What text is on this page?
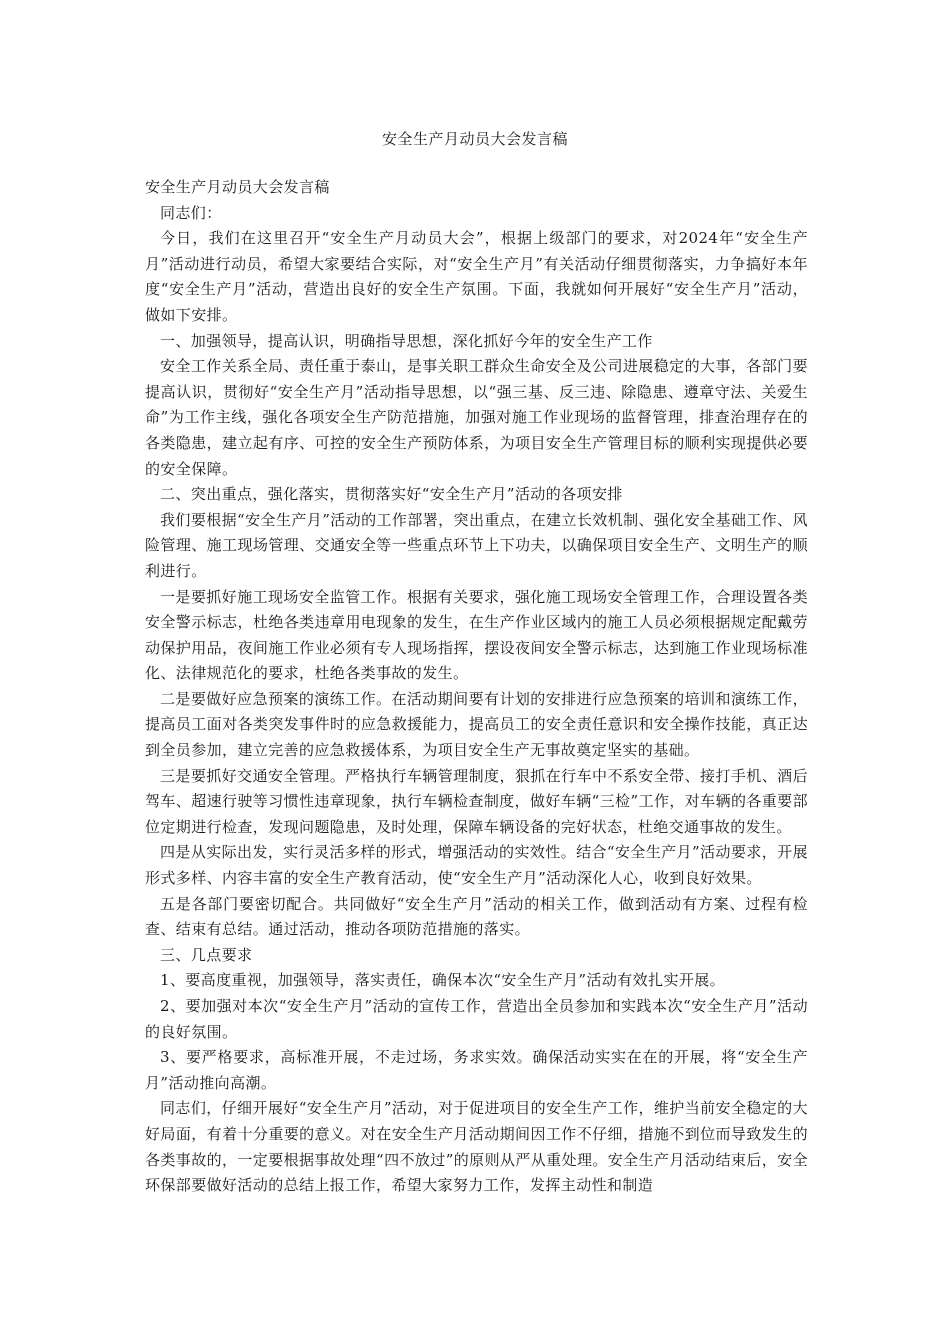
安全生产月动员大会发言稿

安全生产月动员大会发言稿

同志们：

今日，我们在这里召开“安全生产月动员大会”，根据上级部门的要求，对2024年“安全生产月”活动进行动员，希望大家要结合实际，对“安全生产月”有关活动仔细贯彻落实，力争搞好本年度“安全生产月”活动，营造出良好的安全生产氛围。下面，我就如何开展好“安全生产月”活动，做如下安排。

一、加强领导，提高认识，明确指导思想，深化抓好今年的安全生产工作

安全工作关系全局、责任重于泰山，是事关职工群众生命安全及公司进展稳定的大事，各部门要提高认识，贯彻好“安全生产月”活动指导思想，以“强三基、反三违、除隐患、遵章守法、关爱生命”为工作主线，强化各项安全生产防范措施，加强对施工作业现场的监督管理，排查治理存在的各类隐患，建立起有序、可控的安全生产预防体系，为项目安全生产管理目标的顺利实现提供必要的安全保障。

二、突出重点，强化落实，贯彻落实好“安全生产月”活动的各项安排

我们要根据“安全生产月”活动的工作部署，突出重点，在建立长效机制、强化安全基础工作、风险管理、施工现场管理、交通安全等一些重点环节上下功夫，以确保项目安全生产、文明生产的顺利进行。

一是要抓好施工现场安全监管工作。根据有关要求，强化施工现场安全管理工作，合理设置各类安全警示标志，杜绝各类违章用电现象的发生，在生产作业区域内的施工人员必须根据规定配戴劳动保护用品，夜间施工作业必须有专人现场指挥，摆设夜间安全警示标志，达到施工作业现场标准化、法律规范化的要求，杜绝各类事故的发生。

二是要做好应急预案的演练工作。在活动期间要有计划的安排进行应急预案的培训和演练工作，提高员工面对各类突发事件时的应急救援能力，提高员工的安全责任意识和安全操作技能，真正达到全员参加，建立完善的应急救援体系，为项目安全生产无事故奠定坚实的基础。

三是要抓好交通安全管理。严格执行车辆管理制度，狠抓在行车中不系安全带、接打手机、酒后驾车、超速行驶等习惯性违章现象，执行车辆检查制度，做好车辆“三检”工作，对车辆的各重要部位定期进行检查，发现问题隐患，及时处理，保障车辆设备的完好状态，杜绝交通事故的发生。

四是从实际出发，实行灵活多样的形式，增强活动的实效性。结合“安全生产月”活动要求，开展形式多样、内容丰富的安全生产教育活动，使“安全生产月”活动深化人心，收到良好效果。

五是各部门要密切配合。共同做好“安全生产月”活动的相关工作，做到活动有方案、过程有检查、结束有总结。通过活动，推动各项防范措施的落实。

三、几点要求

1、要高度重视，加强领导，落实责任，确保本次“安全生产月”活动有效扎实开展。

2、要加强对本次“安全生产月”活动的宣传工作，营造出全员参加和实践本次“安全生产月”活动的良好氛围。

3、要严格要求，高标准开展，不走过场，务求实效。确保活动实实在在的开展，将“安全生产月”活动推向高潮。

同志们，仔细开展好“安全生产月”活动，对于促进项目的安全生产工作，维护当前安全稳定的大好局面，有着十分重要的意义。对在安全生产月活动期间因工作不仔细，措施不到位而导致发生的各类事故的，一定要根据事故处理“四不放过”的原则从严从重处理。安全生产月活动结束后，安全环保部要做好活动的总结上报工作，希望大家努力工作，发挥主动性和制造
